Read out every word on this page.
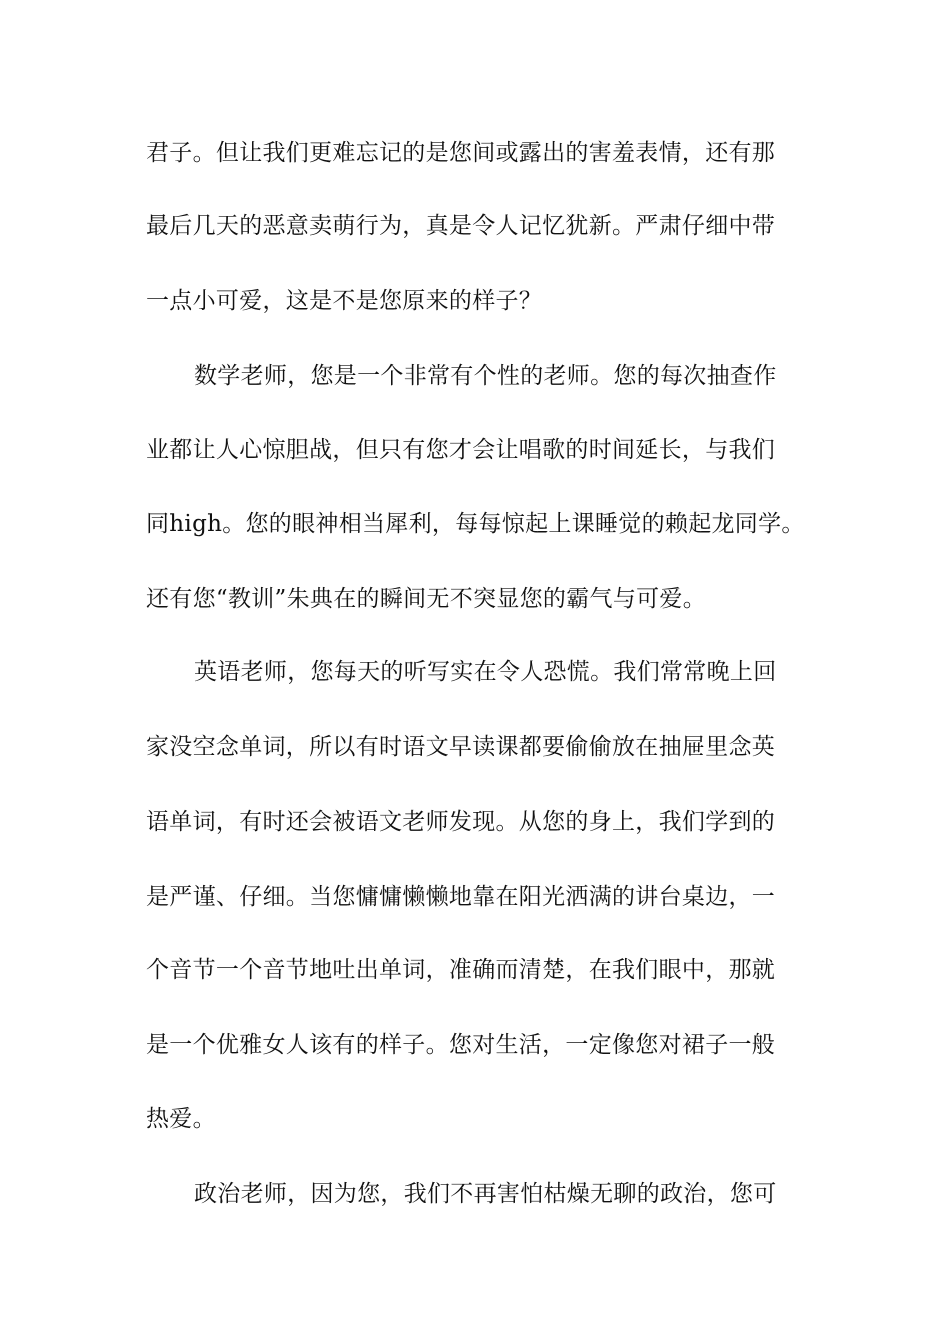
君子。但让我们更难忘记的是您间或露出的害羞表情，还有那
最后几天的恶意卖萌行为，真是令人记忆犹新。严肃仔细中带
一点小可爱，这是不是您原来的样子？
数学老师，您是一个非常有个性的老师。您的每次抽查作
业都让人心惊胆战，但只有您才会让唱歌的时间延长，与我们
同high。您的眼神相当犀利，每每惊起上课睡觉的赖起龙同学。
还有您“教训”朱典在的瞬间无不突显您的霸气与可爱。
英语老师，您每天的听写实在令人恐慌。我们常常晚上回
家没空念单词，所以有时语文早读课都要偷偷放在抽屉里念英
语单词，有时还会被语文老师发现。从您的身上，我们学到的
是严谨、仔细。当您慵慵懒懒地靠在阳光洒满的讲台桌边，一
个音节一个音节地吐出单词，准确而清楚，在我们眼中，那就
是一个优雅女人该有的样子。您对生活，一定像您对裙子一般
热爱。
政治老师，因为您，我们不再害怕枯燥无聊的政治，您可
